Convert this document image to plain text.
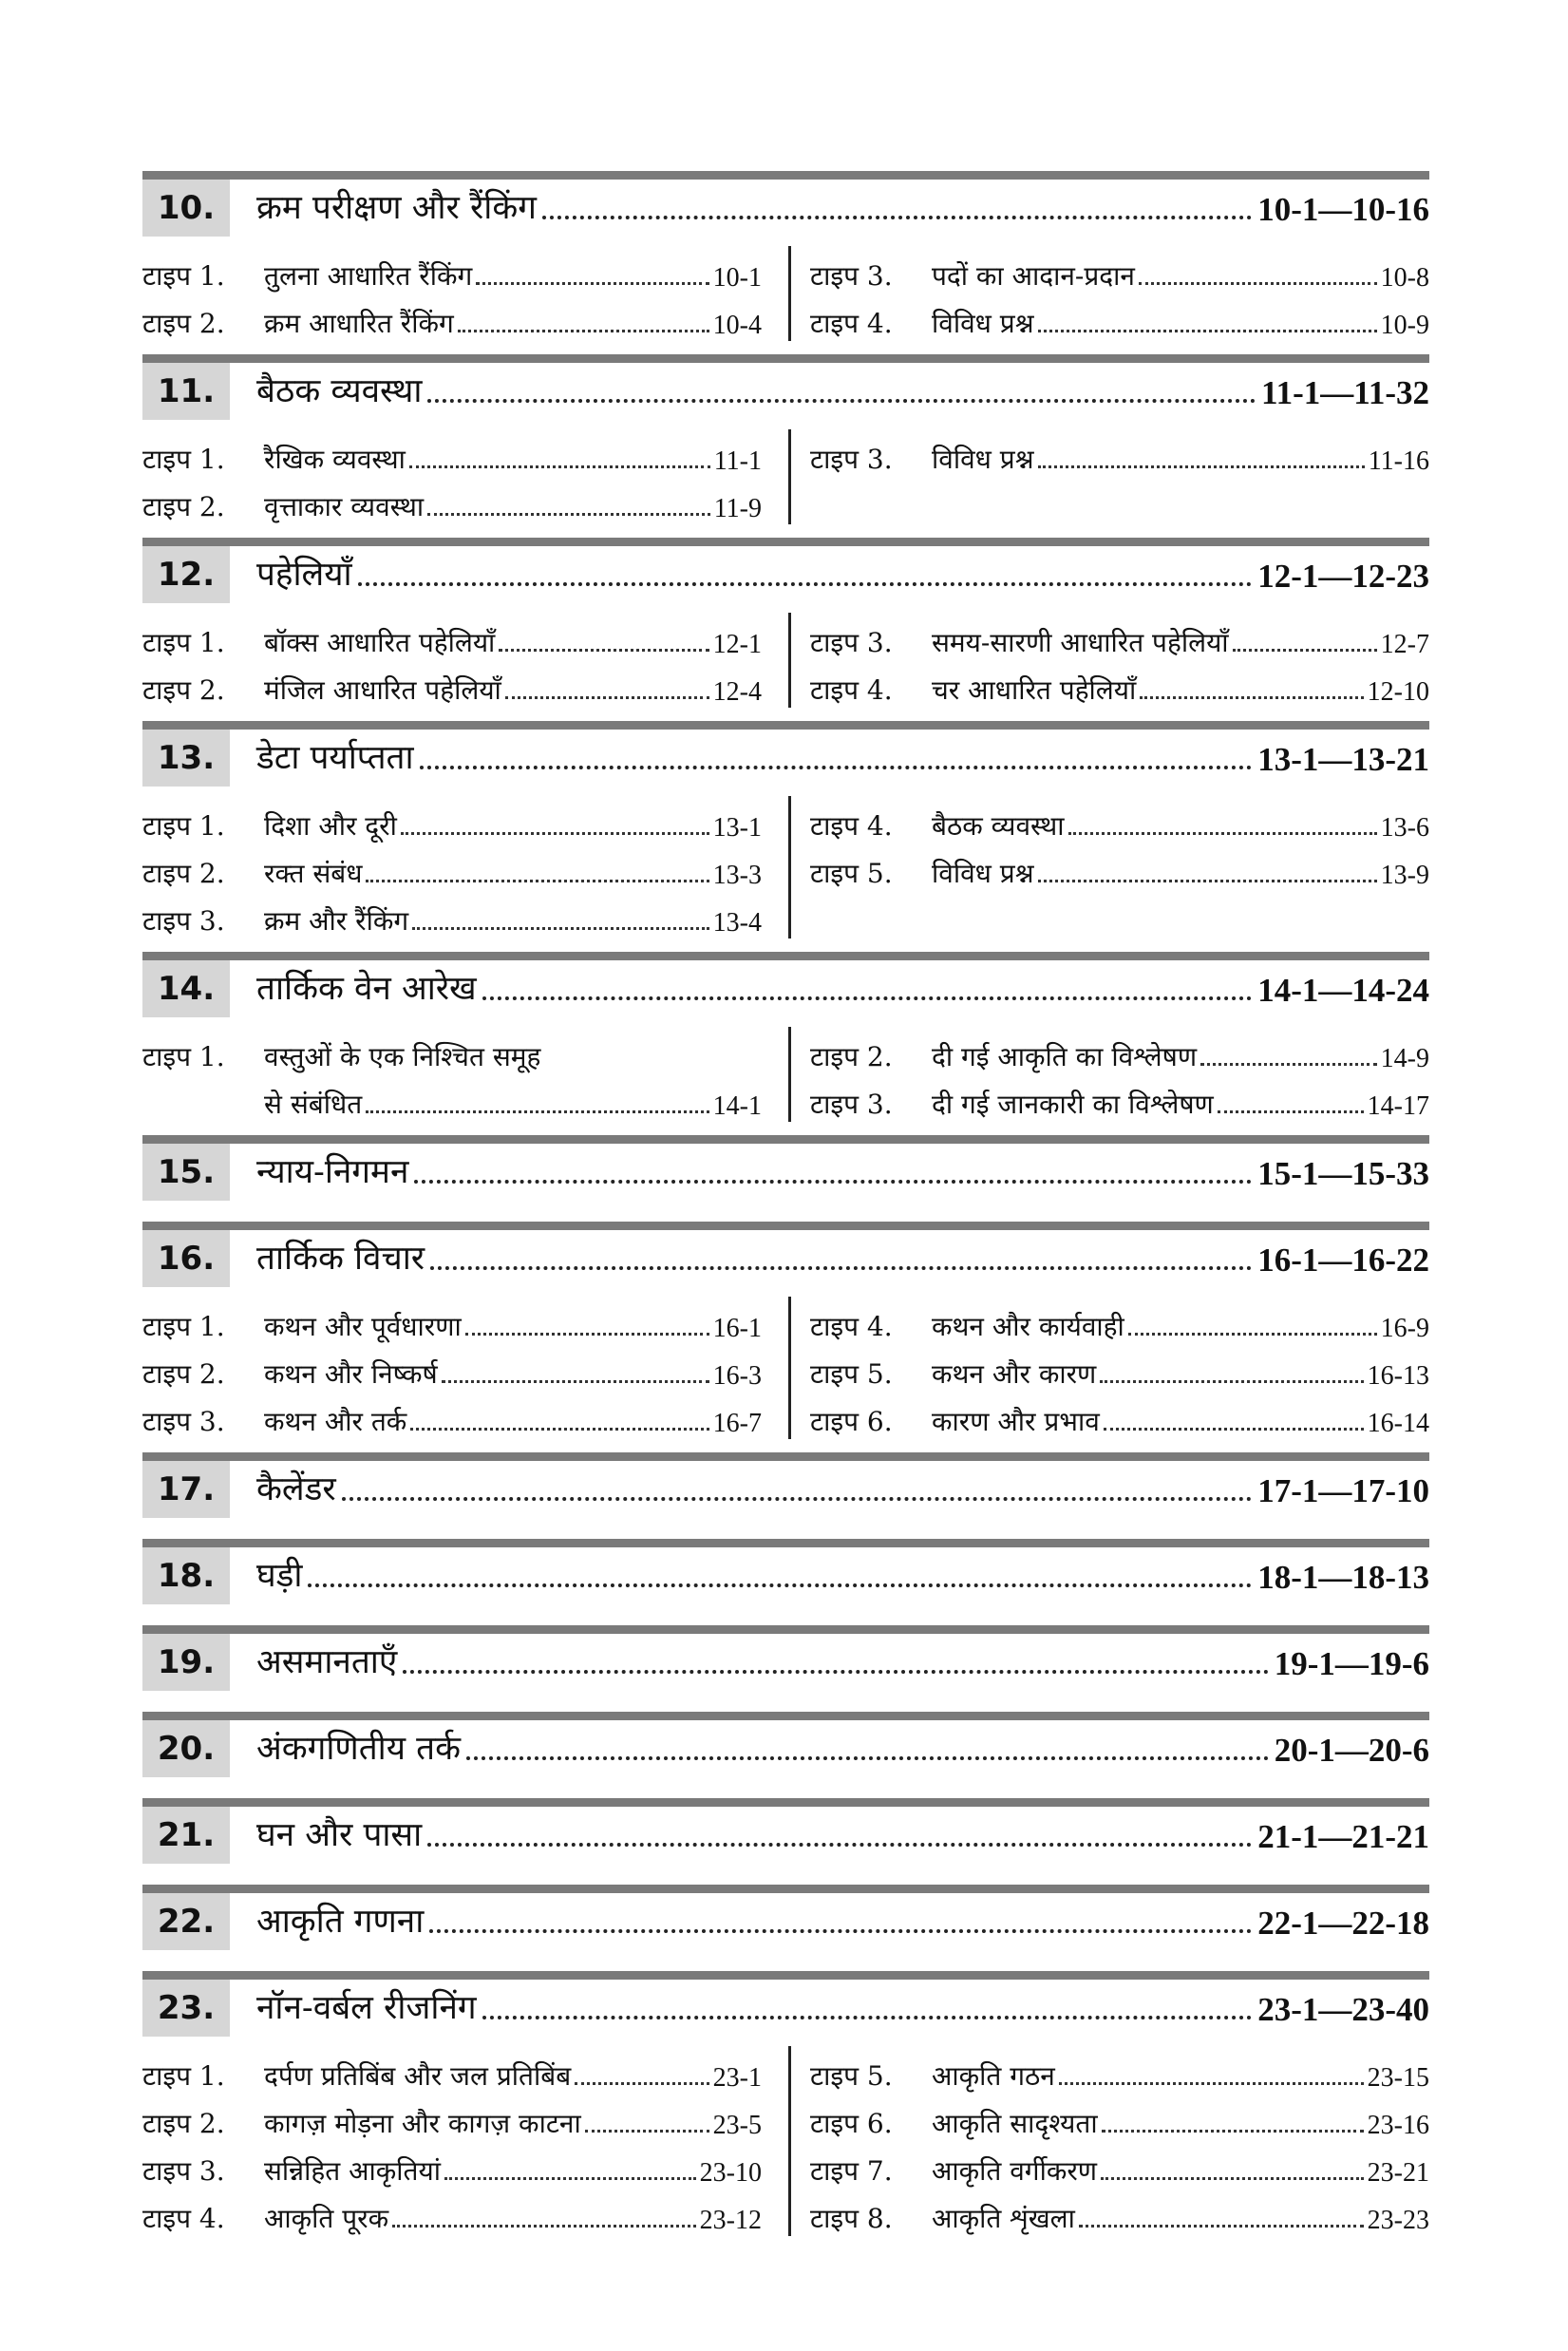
10.	क्रम परीक्षण और रैंकिंग	10-1—10-16
टाइप 1.	तुलना आधारित रैंकिंग	10-1
टाइप 2.	क्रम आधारित रैंकिंग	10-4
टाइप 3.	पदों का आदान-प्रदान	10-8
टाइप 4.	विविध प्रश्न	10-9
11.	बैठक व्यवस्था	11-1—11-32
टाइप 1.	रैखिक व्यवस्था	11-1
टाइप 2.	वृत्ताकार व्यवस्था	11-9
टाइप 3.	विविध प्रश्न	11-16
12.	पहेलियाँ	12-1—12-23
टाइप 1.	बॉक्स आधारित पहेलियाँ	12-1
टाइप 2.	मंजिल आधारित पहेलियाँ	12-4
टाइप 3.	समय-सारणी आधारित पहेलियाँ	12-7
टाइप 4.	चर आधारित पहेलियाँ	12-10
13.	डेटा पर्याप्तता	13-1—13-21
टाइप 1.	दिशा और दूरी	13-1
टाइप 2.	रक्त संबंध	13-3
टाइप 3.	क्रम और रैंकिंग	13-4
टाइप 4.	बैठक व्यवस्था	13-6
टाइप 5.	विविध प्रश्न	13-9
14.	तार्किक वेन आरेख	14-1—14-24
टाइप 1.	वस्तुओं के एक निश्चित समूह
से संबंधित	14-1
टाइप 2.	दी गई आकृति का विश्लेषण	14-9
टाइप 3.	दी गई जानकारी का विश्लेषण	14-17
15.	न्याय-निगमन	15-1—15-33
16.	तार्किक विचार	16-1—16-22
टाइप 1.	कथन और पूर्वधारणा	16-1
टाइप 2.	कथन और निष्कर्ष	16-3
टाइप 3.	कथन और तर्क	16-7
टाइप 4.	कथन और कार्यवाही	16-9
टाइप 5.	कथन और कारण	16-13
टाइप 6.	कारण और प्रभाव	16-14
17.	कैलेंडर	17-1—17-10
18.	घड़ी	18-1—18-13
19.	असमानताएँ	19-1—19-6
20.	अंकगणितीय तर्क	20-1—20-6
21.	घन और पासा	21-1—21-21
22.	आकृति गणना	22-1—22-18
23.	नॉन-वर्बल रीजनिंग	23-1—23-40
टाइप 1.	दर्पण प्रतिबिंब और जल प्रतिबिंब	23-1
टाइप 2.	कागज़ मोड़ना और कागज़ काटना	23-5
टाइप 3.	सन्निहित आकृतियां	23-10
टाइप 4.	आकृति पूरक	23-12
टाइप 5.	आकृति गठन	23-15
टाइप 6.	आकृति सादृश्यता	23-16
टाइप 7.	आकृति वर्गीकरण	23-21
टाइप 8.	आकृति शृंखला	23-23
